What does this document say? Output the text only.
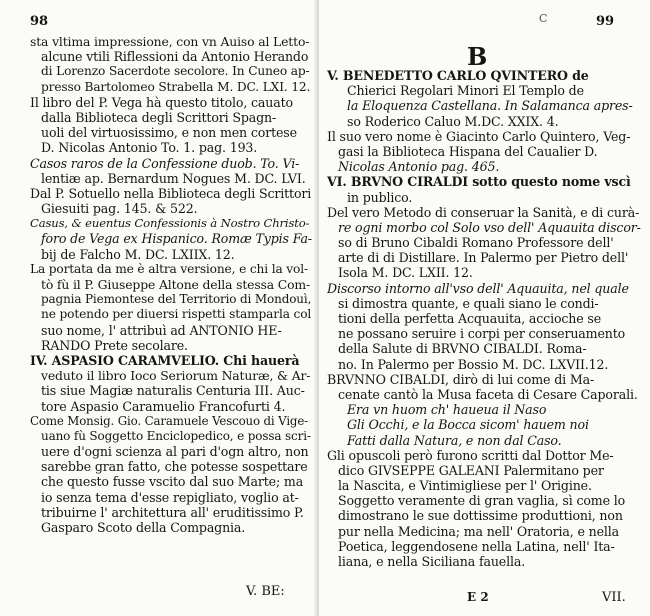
98
sta vltima impressione, con vn Auiso al Letto-
alcune vtili Riflessioni da Antonio Herando
di Lorenzo Sacerdote secolore. In Cuneo ap-
presso Bartolomeo Strabella M. DC. LXI. 12.
Il libro del P. Vega hà questo titolo, cauato
dalla Biblioteca degli Scrittori Spagn-
uoli del virtuosissimo, e non men cortese
D. Nicolas Antonio To. 1. pag. 193.
Casos raros de la Confessione duob. To. Vi-
lentiæ ap. Bernardum Nogues M. DC. LVI.
Dal P. Sotuello nella Biblioteca degli Scrittori
Giesuiti pag. 145. & 522.
Casus, & euentus Confessionis à Nostro Christo-
foro de Vega ex Hispanico. Romæ Typis Fa-
bij de Falcho M. DC. LXIIX. 12.
La portata da me è altra versione, e chi la vol-
tò fù il P. Giuseppe Altone della stessa Com-
pagnia Piemontese del Territorio di Mondouì,
ne potendo per diuersi rispetti stamparla col
suo nome, l' attribuì ad ANTONIO HE-
RANDO Prete secolare.
IV. ASPASIO CARAMVELIO. Chi hauerà
veduto il libro Ioco Seriorum Naturæ, & Ar-
tis siue Magiæ naturalis Centuria III. Auc-
tore Aspasio Caramuelio Francofurti 4.
Come Monsig. Gio. Caramuele Vescouo di Vige-
uano fù Soggetto Enciclopedico, e possa scri-
uere d'ogni scienza al pari d'ogn altro, non
sarebbe gran fatto, che potesse sospettare
che questo fusse vscito dal suo Marte; ma
io senza tema d'esse repigliato, voglio at-
tribuirne l' architettura all' eruditissimo P.
Gasparo Scoto della Compagnia.
V. BE:
C	99
B
V. BENEDETTO CARLO QVINTERO de
Chierici Regolari Minori El Templo de
la Eloquenza Castellana. In Salamanca apres-
so Roderico Caluo M.DC. XXIX. 4.
Il suo vero nome è Giacinto Carlo Quintero, Veg-
gasi la Biblioteca Hispana del Caualier D.
Nicolas Antonio pag. 465.
VI. BRVNO CIRALDI sotto questo nome vscì
in publico.
Del vero Metodo di conseruar la Sanità, e di curà-
re ogni morbo col Solo vso dell' Aquauita discor-
so di Bruno Cibaldi Romano Professore dell'
arte di di Distillare. In Palermo per Pietro dell'
Isola M. DC. LXII. 12.
Discorso intorno all'vso dell' Aquauita, nel quale
si dimostra quante, e quali siano le condi-
tioni della perfetta Acquauita, accioche se
ne possano seruire i corpi per conseruamento
della Salute di BRVNO CIBALDI. Roma-
no. In Palermo per Bossio M. DC. LXVII.12.
BRVNNO CIBALDI, dirò di lui come di Ma-
cenate cantò la Musa faceta di Cesare Caporali.
Era vn huom ch' haueua il Naso
Gli Occhi, e la Bocca sicom' hauem noi
Fatti dalla Natura, e non dal Caso.
Gli opuscoli però furono scritti dal Dottor Me-
dico GIVSEPPE GALEANI Palermitano per
la Nascita, e Vintimigliese per l' Origine.
Soggetto veramente di gran vaglia, sì come lo
dimostrano le sue dottissime produttioni, non
pur nella Medicina; ma nell' Oratoria, e nella
Poetica, leggendosene nella Latina, nell' Ita-
liana, e nella Siciliana fauella.
E 2	VII.
